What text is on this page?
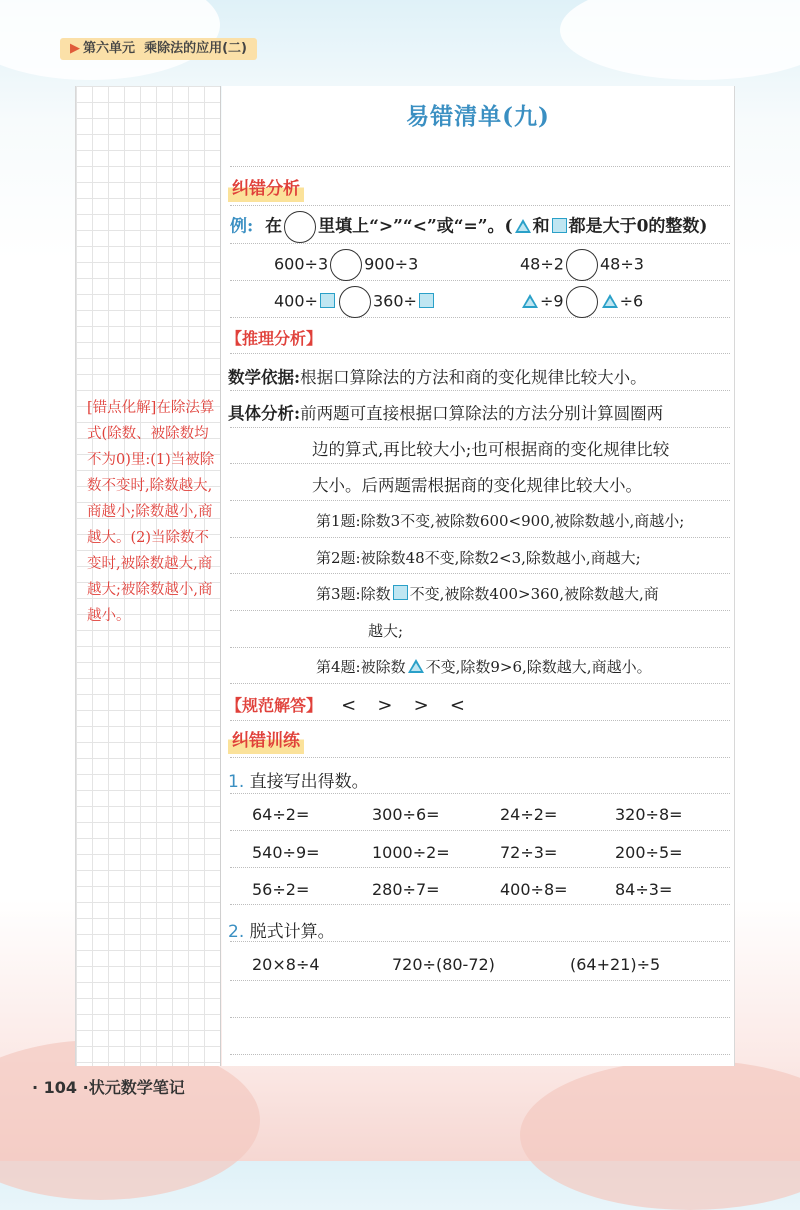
▶ 第六单元 乘除法的应用(二)
[错点化解]在除法算式(除数、被除数均不为0)里:(1)当被除数不变时,除数越大,商越小;除数越小,商越大。(2)当除数不变时,被除数越大,商越大;被除数越小,商越小。
易错清单(九)
纠错分析
例: 在 里填上“>”“<”或“=”。( 和 都是大于0的整数)
600÷3 900÷3	48÷2 48÷3
400÷	360÷	÷9	÷6
【推理分析】
数学依据:根据口算除法的方法和商的变化规律比较大小。
具体分析:前两题可直接根据口算除法的方法分别计算圆圈两
边的算式,再比较大小;也可根据商的变化规律比较
大小。后两题需根据商的变化规律比较大小。
第1题:除数3不变,被除数600<900,被除数越小,商越小;
第2题:被除数48不变,除数2<3,除数越小,商越大;
第3题:除数 不变,被除数400>360,被除数越大,商
越大;
第4题:被除数 不变,除数9>6,除数越大,商越小。
【规范解答】 < > > <
纠错训练
1. 直接写出得数。
64÷2=	300÷6=	24÷2=	320÷8=
540÷9=	1000÷2=	72÷3=	200÷5=
56÷2=	280÷7=	400÷8=	84÷3=
2. 脱式计算。
20×8÷4	720÷(80-72)	(64+21)÷5
· 104 ·状元数学笔记
